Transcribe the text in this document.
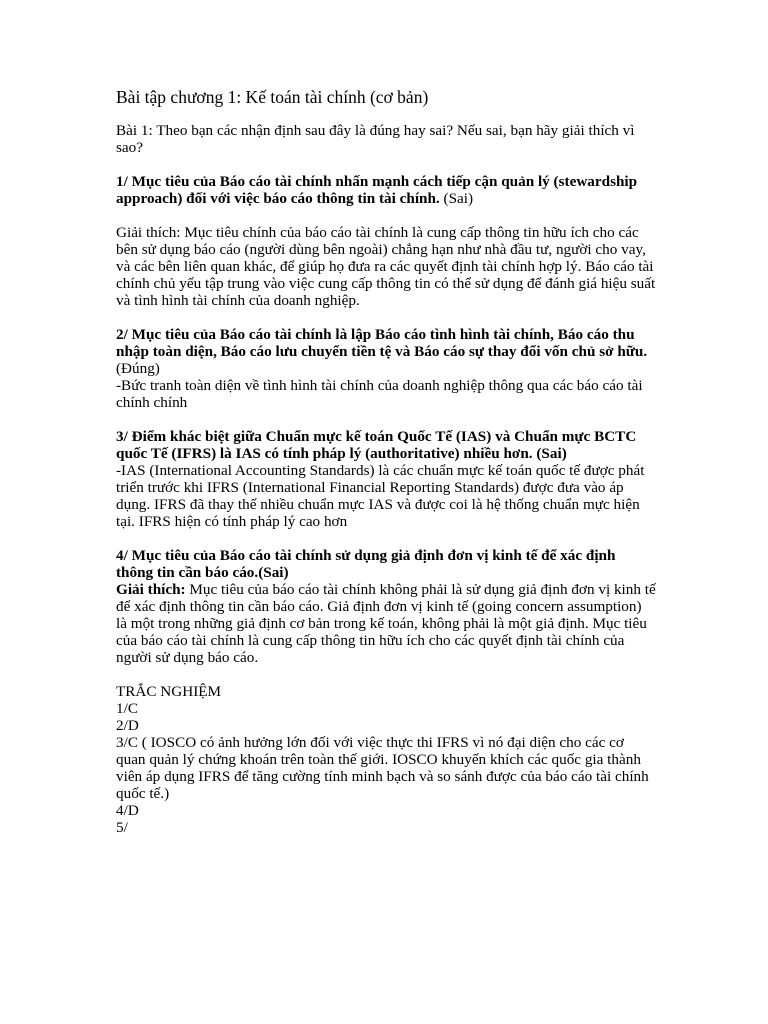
Bài tập chương 1: Kế toán tài chính (cơ bản)

Bài 1: Theo bạn các nhận định sau đây là đúng hay sai? Nếu sai, bạn hãy giải thích vì sao?

1/ Mục tiêu của Báo cáo tài chính nhấn mạnh cách tiếp cận quản lý (stewardship approach) đối với việc báo cáo thông tin tài chính. (Sai)

Giải thích: Mục tiêu chính của báo cáo tài chính là cung cấp thông tin hữu ích cho các bên sử dụng báo cáo (người dùng bên ngoài) chẳng hạn như nhà đầu tư, người cho vay, và các bên liên quan khác, để giúp họ đưa ra các quyết định tài chính hợp lý. Báo cáo tài chính chủ yếu tập trung vào việc cung cấp thông tin có thể sử dụng để đánh giá hiệu suất và tình hình tài chính của doanh nghiệp.

2/ Mục tiêu của Báo cáo tài chính là lập Báo cáo tình hình tài chính, Báo cáo thu nhập toàn diện, Báo cáo lưu chuyển tiền tệ và Báo cáo sự thay đổi vốn chủ sở hữu. (Đúng)

-Bức tranh toàn diện về tình hình tài chính của doanh nghiệp thông qua các báo cáo tài chính chính

3/ Điểm khác biệt giữa Chuẩn mực kế toán Quốc Tế (IAS) và Chuẩn mực BCTC quốc Tế (IFRS) là IAS có tính pháp lý (authoritative) nhiều hơn. (Sai)

-IAS (International Accounting Standards) là các chuẩn mực kế toán quốc tế được phát triển trước khi IFRS (International Financial Reporting Standards) được đưa vào áp dụng. IFRS đã thay thế nhiều chuẩn mực IAS và được coi là hệ thống chuẩn mực hiện tại. IFRS hiện có tính pháp lý cao hơn

4/ Mục tiêu của Báo cáo tài chính sử dụng giả định đơn vị kinh tế để xác định thông tin cần báo cáo.(Sai)

Giải thích: Mục tiêu của báo cáo tài chính không phải là sử dụng giả định đơn vị kinh tế để xác định thông tin cần báo cáo. Giả định đơn vị kinh tế (going concern assumption) là một trong những giả định cơ bản trong kế toán, không phải là một giả định. Mục tiêu của báo cáo tài chính là cung cấp thông tin hữu ích cho các quyết định tài chính của người sử dụng báo cáo.

TRẮC NGHIỆM
1/C
2/D
3/C ( IOSCO có ảnh hưởng lớn đối với việc thực thi IFRS vì nó đại diện cho các cơ quan quản lý chứng khoán trên toàn thế giới. IOSCO khuyến khích các quốc gia thành viên áp dụng IFRS để tăng cường tính minh bạch và so sánh được của báo cáo tài chính quốc tế.)
4/D
5/
